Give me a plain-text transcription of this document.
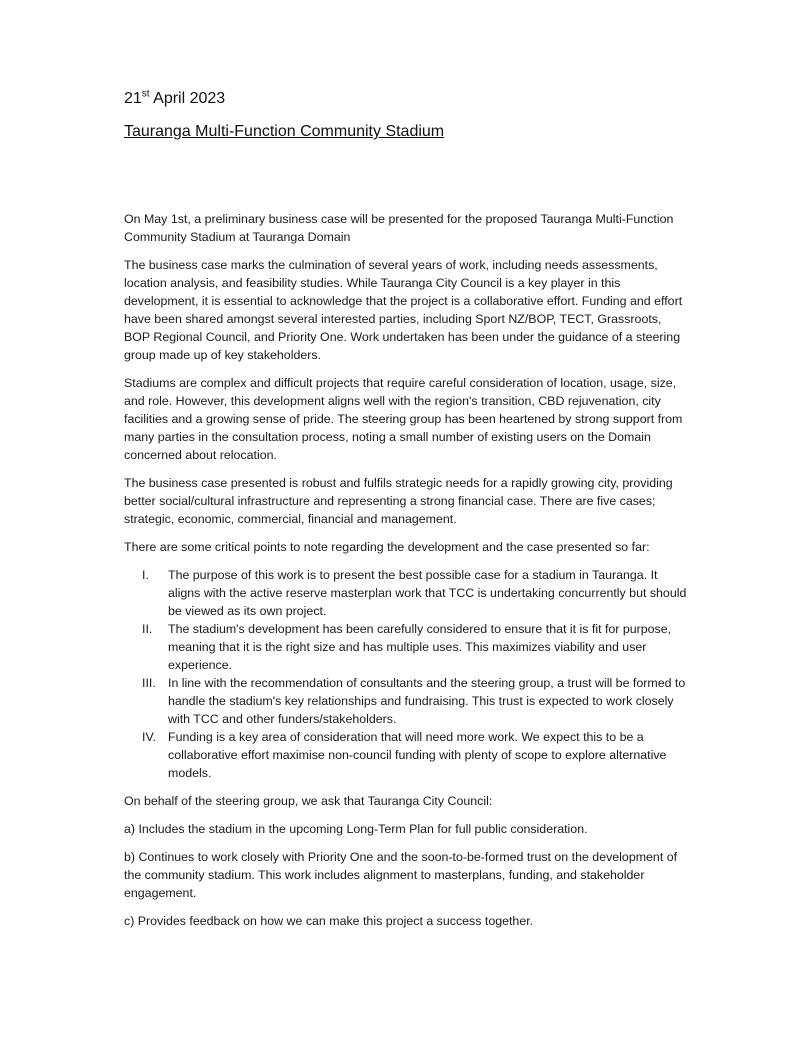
21st April 2023
Tauranga Multi-Function Community Stadium

On May 1st, a preliminary business case will be presented for the proposed Tauranga Multi-Function Community Stadium at Tauranga Domain

The business case marks the culmination of several years of work, including needs assessments, location analysis, and feasibility studies. While Tauranga City Council is a key player in this development, it is essential to acknowledge that the project is a collaborative effort. Funding and effort have been shared amongst several interested parties, including Sport NZ/BOP, TECT, Grassroots, BOP Regional Council, and Priority One. Work undertaken has been under the guidance of a steering group made up of key stakeholders.

Stadiums are complex and difficult projects that require careful consideration of location, usage, size, and role. However, this development aligns well with the region's transition, CBD rejuvenation, city facilities and a growing sense of pride. The steering group has been heartened by strong support from many parties in the consultation process, noting a small number of existing users on the Domain concerned about relocation.

The business case presented is robust and fulfils strategic needs for a rapidly growing city, providing better social/cultural infrastructure and representing a strong financial case. There are five cases; strategic, economic, commercial, financial and management.

There are some critical points to note regarding the development and the case presented so far:

I.	The purpose of this work is to present the best possible case for a stadium in Tauranga. It aligns with the active reserve masterplan work that TCC is undertaking concurrently but should be viewed as its own project.
II.	The stadium's development has been carefully considered to ensure that it is fit for purpose, meaning that it is the right size and has multiple uses. This maximizes viability and user experience.
III. In line with the recommendation of consultants and the steering group, a trust will be formed to handle the stadium's key relationships and fundraising. This trust is expected to work closely with TCC and other funders/stakeholders.
IV. Funding is a key area of consideration that will need more work. We expect this to be a collaborative effort maximise non-council funding with plenty of scope to explore alternative models.

On behalf of the steering group, we ask that Tauranga City Council:

a) Includes the stadium in the upcoming Long-Term Plan for full public consideration.

b) Continues to work closely with Priority One and the soon-to-be-formed trust on the development of the community stadium. This work includes alignment to masterplans, funding, and stakeholder engagement.

c) Provides feedback on how we can make this project a success together.
